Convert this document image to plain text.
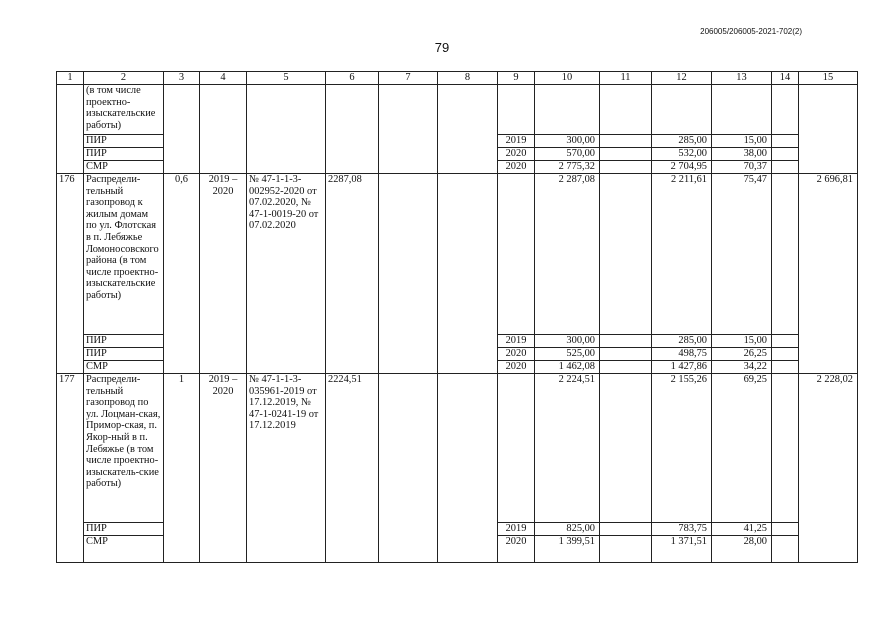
206005/206005-2021-702(2)
79
1	2	3	4	5	6	7	8	9	10	11	12	13	14	15
	(в том числе проектно-изыскательские работы)													
	ПИР							2019	300,00		285,00	15,00		
	ПИР							2020	570,00		532,00	38,00		
	СМР							2020	2 775,32		2 704,95	70,37		
176	Распредели-тельный газопровод к жилым домам по ул. Флотская в п. Лебяжье Ломоносовского района (в том числе проектно-изыскательские работы)	0,6	2019 – 2020	№ 47-1-1-3-002952-2020 от 07.02.2020, № 47-1-0019-20 от 07.02.2020	2287,08				2 287,08		2 211,61	75,47		2 696,81
	ПИР							2019	300,00		285,00	15,00		
	ПИР							2020	525,00		498,75	26,25		
	СМР							2020	1 462,08		1 427,86	34,22		
177	Распредели-тельный газопровод по ул. Лоцман-ская, Примор-ская, п. Якор-ный в п. Лебяжье (в том числе проектно-изыскатель-ские работы)	1	2019 – 2020	№ 47-1-1-3-035961-2019 от 17.12.2019, № 47-1-0241-19 от 17.12.2019	2224,51				2 224,51		2 155,26	69,25		2 228,02
	ПИР							2019	825,00		783,75	41,25		
	СМР							2020	1 399,51		1 371,51	28,00		
